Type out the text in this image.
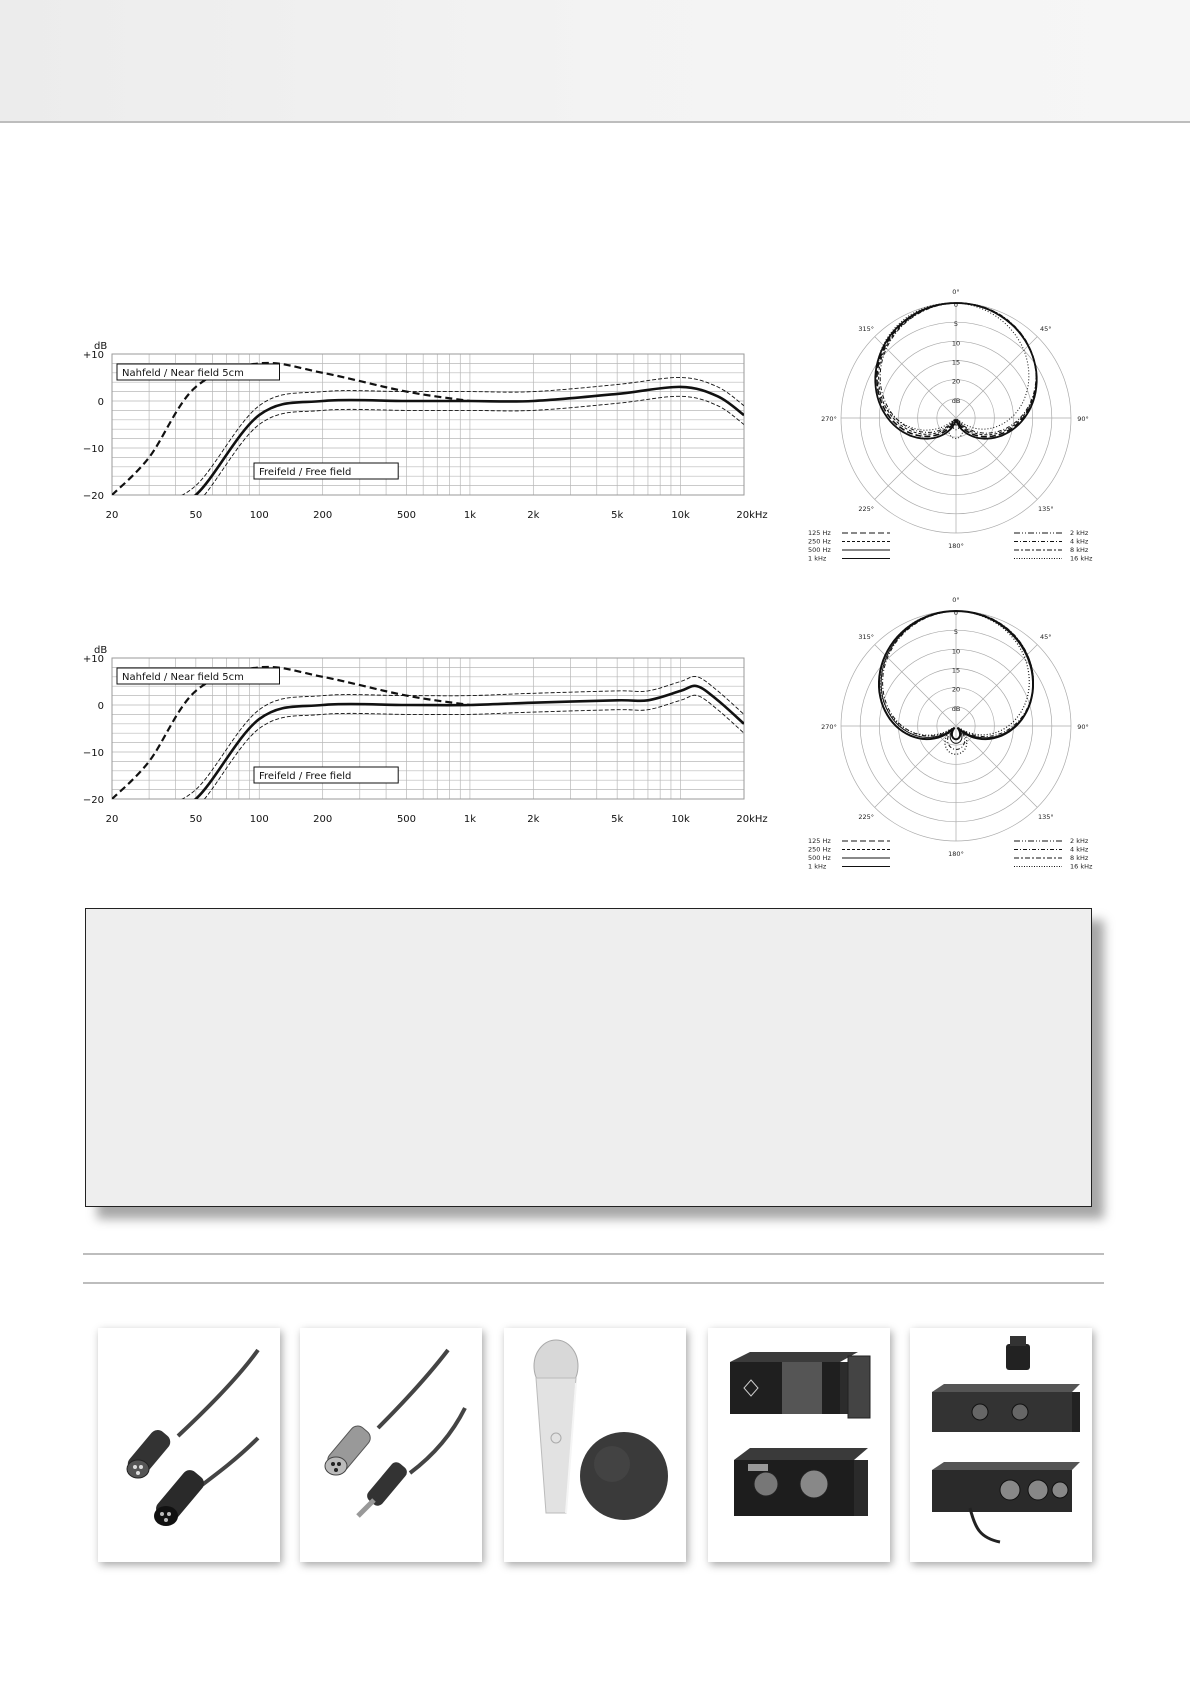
dB
+10
0
−10
−20
20	50	100	200	500	1k	2k	5k	10k	20kHz
Nahfeld / Near field 5cm
Freifeld / Free field
dB
+10
0
−10
−20
20	50	100	200	500	1k	2k	5k	10k	20kHz
Nahfeld / Near field 5cm
Freifeld / Free field
0°
45°
90°
135°
180°
225°
270°
315°
0
5
10
15
20
dB
125 Hz
250 Hz
500 Hz
1 kHz
2 kHz
4 kHz
8 kHz
16 kHz
0°
45°
90°
135°
180°
225°
270°
315°
0
5
10
15
20
dB
125 Hz
250 Hz
500 Hz
1 kHz
2 kHz
4 kHz
8 kHz
16 kHz
